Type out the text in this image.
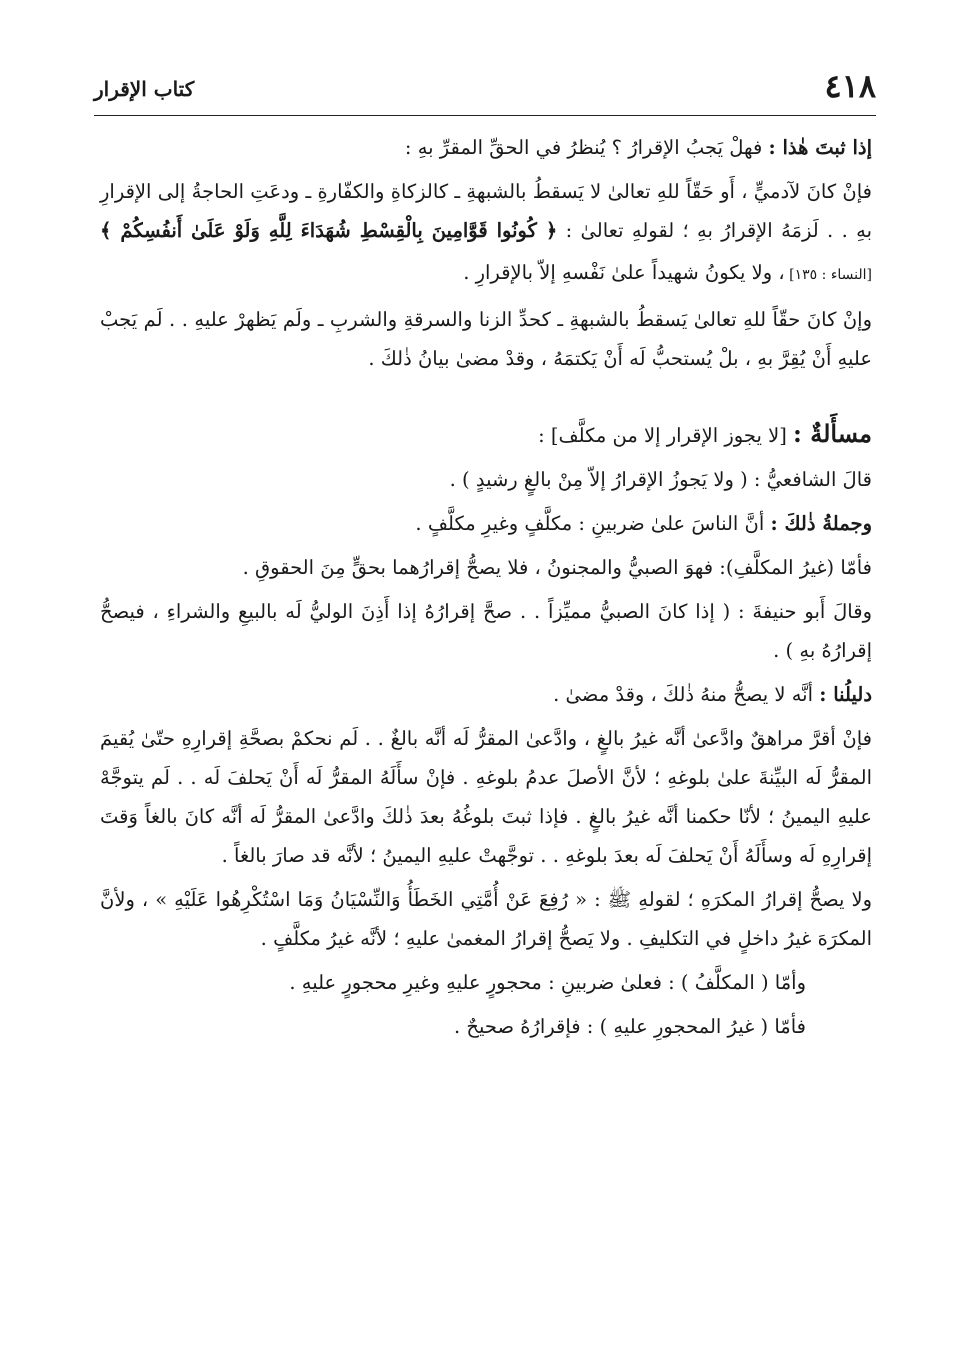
٤١٨
كتاب الإقرار

إذا ثبتَ هٰذا : فهلْ يَجبُ الإقرارُ ؟ يُنظرُ في الحقِّ المقرِّ بهِ :

فإنْ كانَ لآدميٍّ ، أَو حَقّاً للهِ تعالىٰ لا يَسقطُ بالشبهةِ ـ كالزكاةِ والكفّارةِ ـ ودعَتِ الحاجةُ إلى الإقرارِ بهِ . . لَزمَهُ الإقرارُ بهِ ؛ لقولهِ تعالىٰ : ﴿ كُونُوا قَوَّامِينَ بِالْقِسْطِ شُهَدَاءَ لِلَّهِ وَلَوْ عَلَىٰ أَنفُسِكُمْ ﴾ [النساء : ١٣٥] ، ولا يكونُ شهيداً علىٰ نَفْسهِ إلاّ بالإقرارِ .

وإنْ كانَ حقّاً للهِ تعالىٰ يَسقطُ بالشبهةِ ـ كحدِّ الزنا والسرقةِ والشربِ ـ ولَم يَظهرْ عليهِ . . لَم يَجبْ عليهِ أَنْ يُقِرَّ بهِ ، بلْ يُستحبُّ لَه أَنْ يَكتمَهُ ، وقدْ مضىٰ بيانُ ذٰلكَ .

مسأَلةٌ : [لا يجوز الإقرار إلا من مكلَّف] :

قالَ الشافعيُّ : ( ولا يَجوزُ الإقرارُ إلاّ مِنْ بالغٍ رشيدٍ ) .

وجملةُ ذٰلكَ : أنَّ الناسَ علىٰ ضربينِ : مكلَّفٍ وغيرِ مكلَّفٍ .

فأمّا (غيرُ المكلَّفِ): فهوَ الصبيُّ والمجنونُ ، فلا يصحُّ إقرارُهما بحقٍّ مِنَ الحقوقِ .

وقالَ أَبو حنيفةَ : ( إذا كانَ الصبيُّ مميِّزاً . . صحَّ إقرارُهُ إذا أَذِنَ الوليُّ لَه بالبيعِ والشراءِ ، فيصحُّ إقرارُهُ بهِ ) .

دليلُنا : أنَّه لا يصحُّ منهُ ذٰلكَ ، وقدْ مضىٰ .

فإنْ أقرَّ مراهقٌ وادَّعىٰ أنَّه غيرُ بالغٍ ، وادَّعىٰ المقرُّ لَه أنَّه بالغٌ . . لَم نحكمْ بصحَّةِ إقرارِهِ حتّىٰ يُقيمَ المقرُّ لَه البيِّنةَ علىٰ بلوغهِ ؛ لأنَّ الأصلَ عدمُ بلوغهِ . فإنْ سأَلَهُ المقرُّ لَه أَنْ يَحلفَ لَه . . لَم يتوجَّهْ عليهِ اليمينُ ؛ لأنّا حكمنا أنَّه غيرُ بالغٍ . فإذا ثبتَ بلوغُهُ بعدَ ذٰلكَ وادَّعىٰ المقرُّ لَه أنَّه كانَ بالغاً وَقتَ إقرارِهِ لَه وسأَلَهُ أَنْ يَحلفَ لَه بعدَ بلوغهِ . . توجَّهتْ عليهِ اليمينُ ؛ لأنَّه قد صارَ بالغاً .

ولا يصحُّ إقرارُ المكرَهِ ؛ لقولهِ ﷺ : « رُفِعَ عَنْ أُمَّتِي الخَطَأُ وَالنِّسْيَانُ وَمَا اسْتُكْرِهُوا عَلَيْهِ » ، ولأنَّ المكرَهَ غيرُ داخلٍ في التكليفِ . ولا يَصحُّ إقرارُ المغمىٰ عليهِ ؛ لأنَّه غيرُ مكلَّفٍ .

وأمّا ( المكلَّفُ ) : فعلىٰ ضربينِ : محجورٍ عليهِ وغيرِ محجورٍ عليهِ .

فأمّا ( غيرُ المحجورِ عليهِ ) : فإقرارُهُ صحيحٌ .
